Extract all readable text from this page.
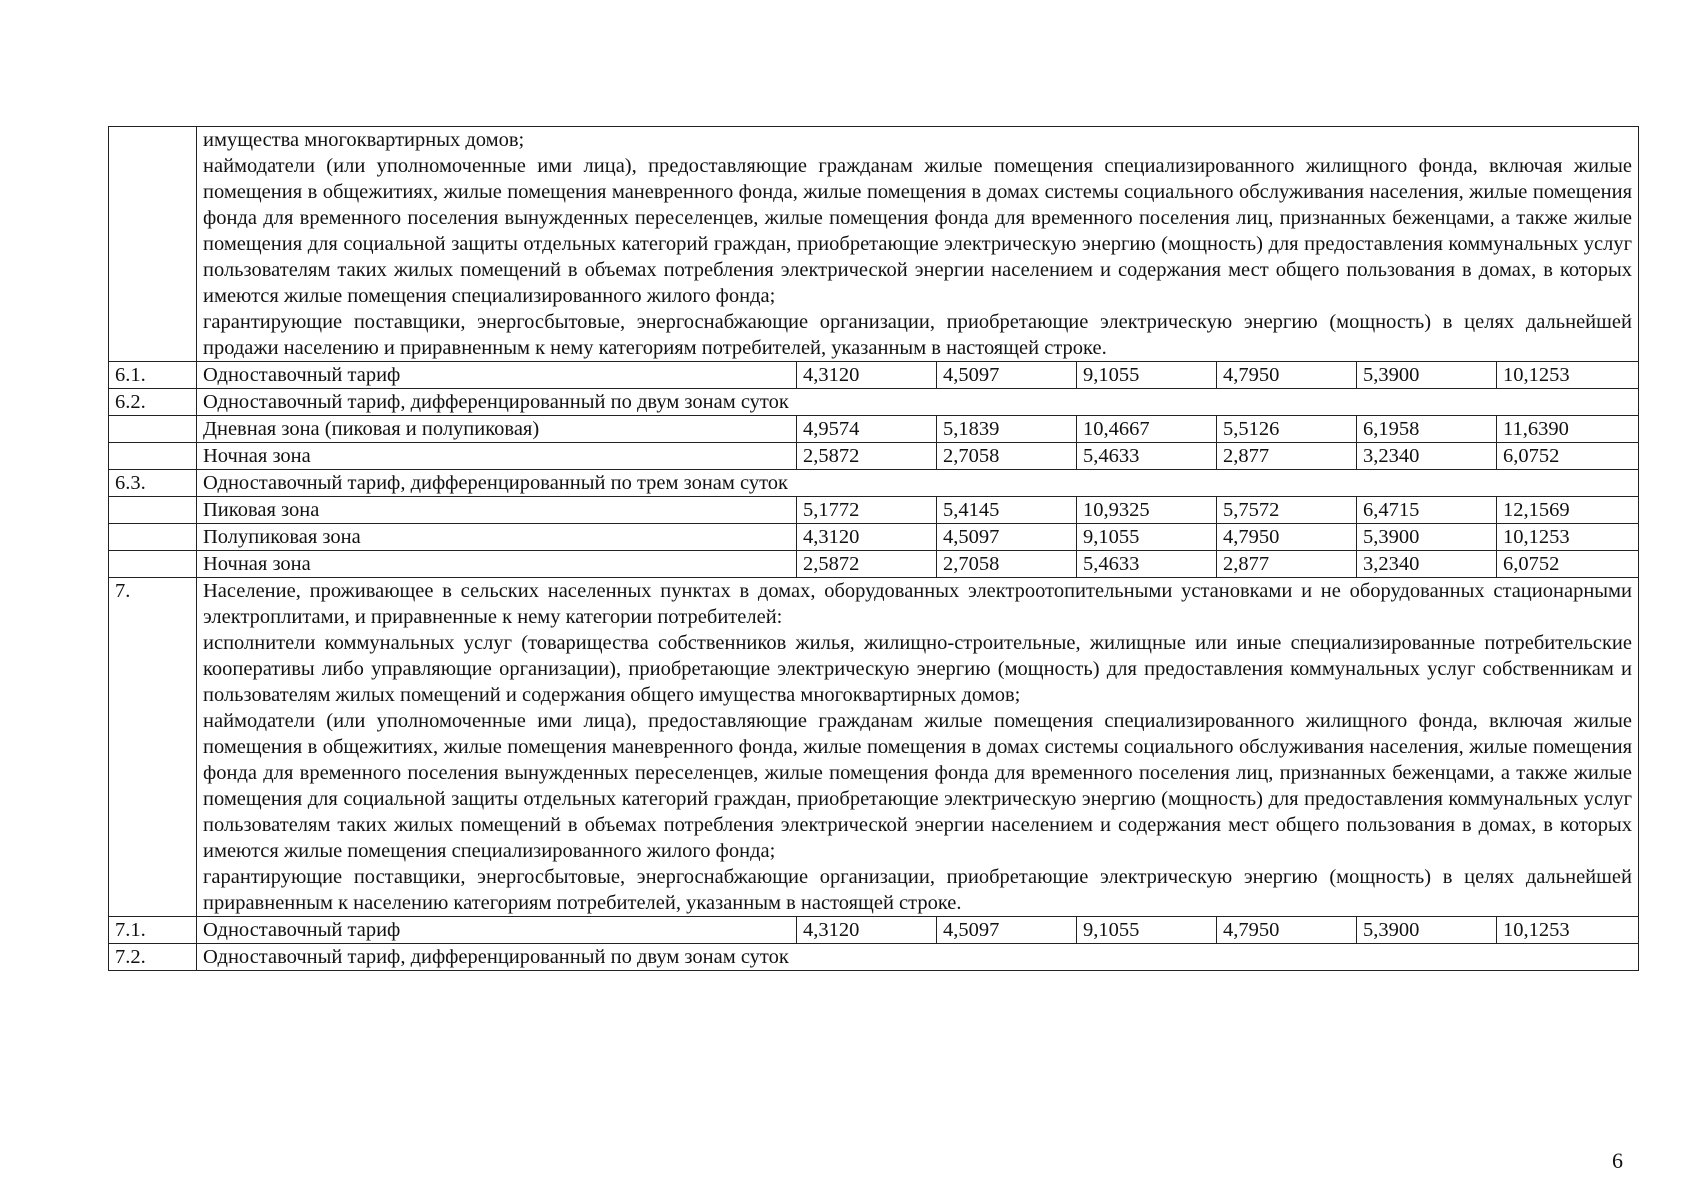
	имущества многоквартирных домов;

наймодатели (или уполномоченные ими лица), предоставляющие гражданам жилые помещения специализированного жилищного фонда, включая жилые помещения в общежитиях, жилые помещения маневренного фонда, жилые помещения в домах системы социального обслуживания населения, жилые помещения фонда для временного поселения вынужденных переселенцев, жилые помещения фонда для временного поселения лиц, признанных беженцами, а также жилые помещения для социальной защиты отдельных категорий граждан, приобретающие электрическую энергию (мощность) для предоставления коммунальных услуг пользователям таких жилых помещений в объемах потребления электрической энергии населением и содержания мест общего пользования в домах, в которых имеются жилые помещения специализированного жилого фонда;

гарантирующие поставщики, энергосбытовые, энергоснабжающие организации, приобретающие электрическую энергию (мощность) в целях дальнейшей продажи населению и приравненным к нему категориям потребителей, указанным в настоящей строке.						

6.1.	Одноставочный тариф	4,3120	4,5097	9,1055	4,7950	5,3900	10,1253
6.2.	Одноставочный тариф, дифференцированный по двум зонам суток						
	Дневная зона (пиковая и полупиковая)	4,9574	5,1839	10,4667	5,5126	6,1958	11,6390
	Ночная зона	2,5872	2,7058	5,4633	2,877	3,2340	6,0752
6.3.	Одноставочный тариф, дифференцированный по трем зонам суток						
	Пиковая зона	5,1772	5,4145	10,9325	5,7572	6,4715	12,1569
	Полупиковая зона	4,3120	4,5097	9,1055	4,7950	5,3900	10,1253
	Ночная зона	2,5872	2,7058	5,4633	2,877	3,2340	6,0752
7.	Население, проживающее в сельских населенных пунктах в домах, оборудованных электроотопительными установками и не оборудованных стационарными электроплитами, и приравненные к нему категории потребителей:

исполнители коммунальных услуг (товарищества собственников жилья, жилищно-строительные, жилищные или иные специализированные потребительские кооперативы либо управляющие организации), приобретающие электрическую энергию (мощность) для предоставления коммунальных услуг собственникам и пользователям жилых помещений и содержания общего имущества многоквартирных домов;

наймодатели (или уполномоченные ими лица), предоставляющие гражданам жилые помещения специализированного жилищного фонда, включая жилые помещения в общежитиях, жилые помещения маневренного фонда, жилые помещения в домах системы социального обслуживания населения, жилые помещения фонда для временного поселения вынужденных переселенцев, жилые помещения фонда для временного поселения лиц, признанных беженцами, а также жилые помещения для социальной защиты отдельных категорий граждан, приобретающие электрическую энергию (мощность) для предоставления коммунальных услуг пользователям таких жилых помещений в объемах потребления электрической энергии населением и содержания мест общего пользования в домах, в которых имеются жилые помещения специализированного жилого фонда;

гарантирующие поставщики, энергосбытовые, энергоснабжающие организации, приобретающие электрическую энергию (мощность) в целях дальнейшей приравненным к населению категориям потребителей, указанным в настоящей строке.						

7.1.	Одноставочный тариф	4,3120	4,5097	9,1055	4,7950	5,3900	10,1253
7.2.	Одноставочный тариф, дифференцированный по двум зонам суток						
6
